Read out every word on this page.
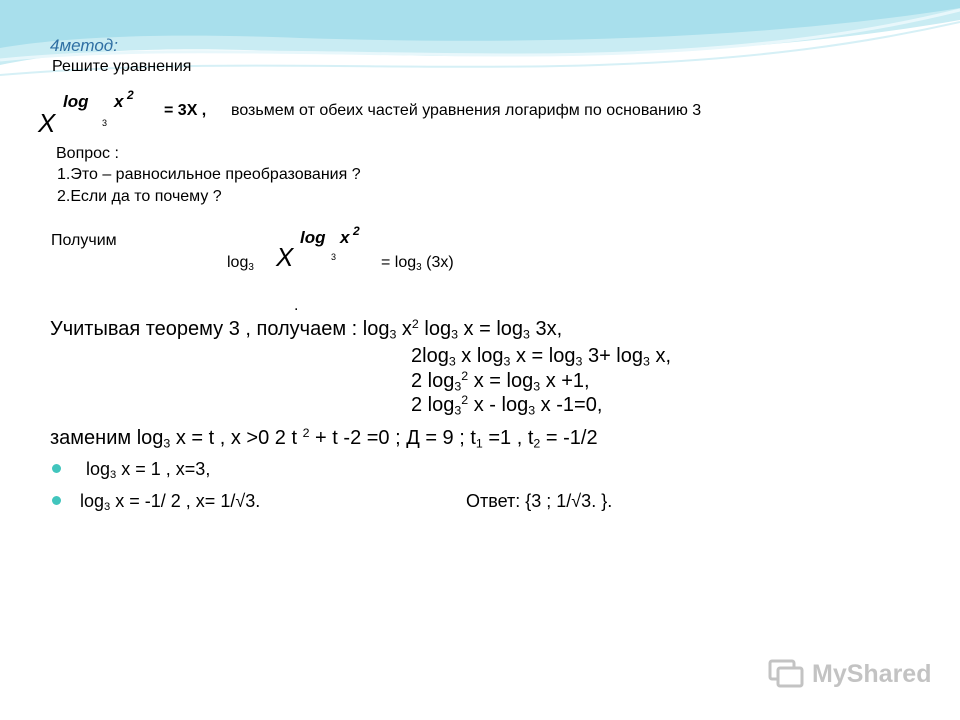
4метод:
Решите уравнения
X
log
3
x 2
= 3X , возьмем от обеих частей уравнения логарифм по основанию 3
Вопрос :
1.Это – равносильное преобразования ?
2.Если да то почему ?
Получим
$\log_3 X$
log
3
x 2
= $\log_3 (3x)$
.
Учитывая теорему 3 , получаем : $\log_3 x^2$ $\log_3 x = \log_3 3x$,
$2\log_3$ x $\log_3 x = \log_3 3+ \log_3 x$,
2 $\log_3^2 x = \log_3 x +1$,
2 $\log_3^2 x - \log_3 x$ -1=0,
заменим $\log_3 x = t$ , x >0 2 t $^2$ + t -2 =0 ; Д = 9 ; $t_1 =1$ , $t_2 = -1/2$
$\log_3 x = 1$ , x=3,
$\log_3 x = -1/$ 2 , x= 1/√3.	Ответ: {3 ; 1/√3. }.
MyShared
